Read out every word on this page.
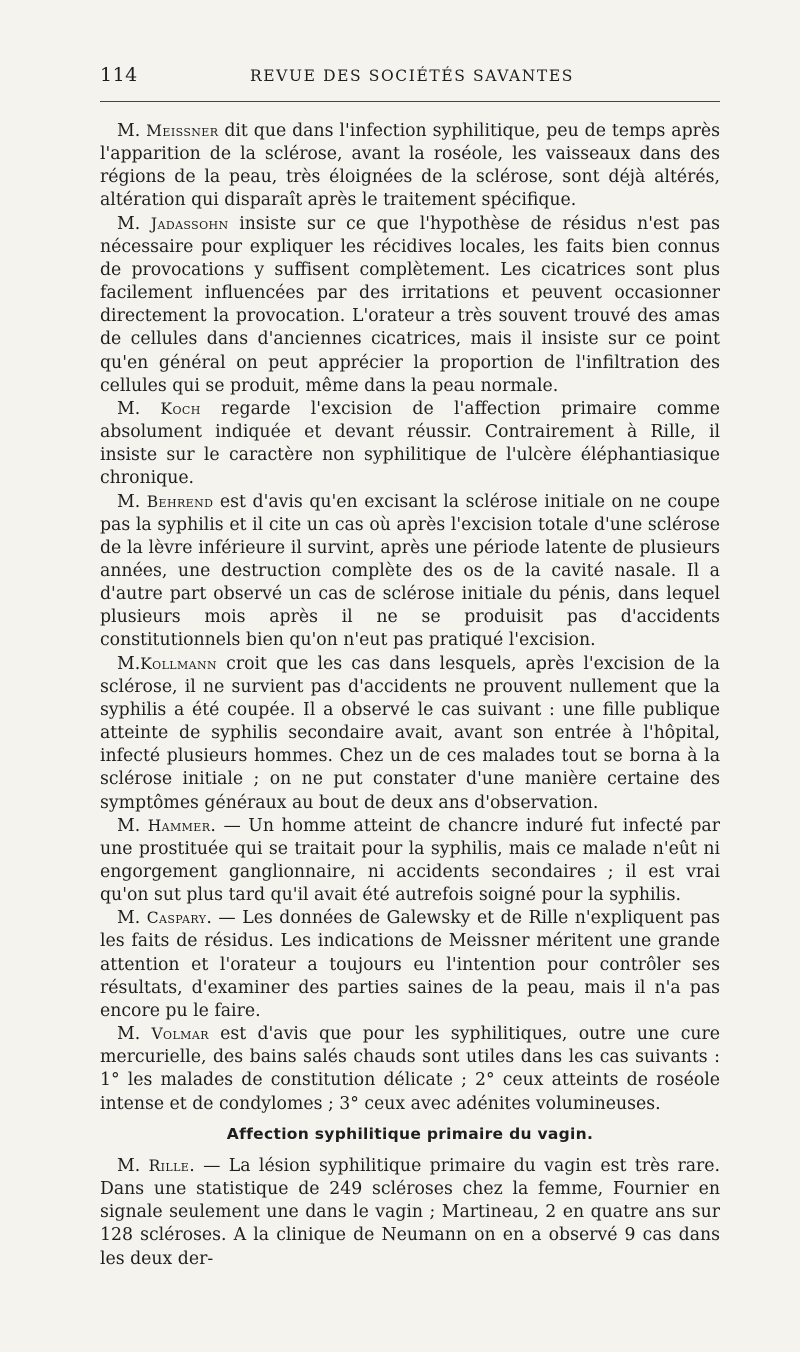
114	REVUE DES SOCIÉTÉS SAVANTES

M. Meissner dit que dans l'infection syphilitique, peu de temps après l'apparition de la sclérose, avant la roséole, les vaisseaux dans des régions de la peau, très éloignées de la sclérose, sont déjà altérés, altération qui disparaît après le traitement spécifique.

M. Jadassohn insiste sur ce que l'hypothèse de résidus n'est pas nécessaire pour expliquer les récidives locales, les faits bien connus de provocations y suffisent complètement. Les cicatrices sont plus facilement influencées par des irritations et peuvent occasionner directement la provocation. L'orateur a très souvent trouvé des amas de cellules dans d'anciennes cicatrices, mais il insiste sur ce point qu'en général on peut apprécier la proportion de l'infiltration des cellules qui se produit, même dans la peau normale.

M. Koch regarde l'excision de l'affection primaire comme absolument indiquée et devant réussir. Contrairement à Rille, il insiste sur le caractère non syphilitique de l'ulcère éléphantiasique chronique.

M. Behrend est d'avis qu'en excisant la sclérose initiale on ne coupe pas la syphilis et il cite un cas où après l'excision totale d'une sclérose de la lèvre inférieure il survint, après une période latente de plusieurs années, une destruction complète des os de la cavité nasale. Il a d'autre part observé un cas de sclérose initiale du pénis, dans lequel plusieurs mois après il ne se produisit pas d'accidents constitutionnels bien qu'on n'eut pas pratiqué l'excision.

M.Kollmann croit que les cas dans lesquels, après l'excision de la sclérose, il ne survient pas d'accidents ne prouvent nullement que la syphilis a été coupée. Il a observé le cas suivant : une fille publique atteinte de syphilis secondaire avait, avant son entrée à l'hôpital, infecté plusieurs hommes. Chez un de ces malades tout se borna à la sclérose initiale ; on ne put constater d'une manière certaine des symptômes généraux au bout de deux ans d'observation.

M. Hammer. — Un homme atteint de chancre induré fut infecté par une prostituée qui se traitait pour la syphilis, mais ce malade n'eût ni engorgement ganglionnaire, ni accidents secondaires ; il est vrai qu'on sut plus tard qu'il avait été autrefois soigné pour la syphilis.

M. Caspary. — Les données de Galewsky et de Rille n'expliquent pas les faits de résidus. Les indications de Meissner méritent une grande attention et l'orateur a toujours eu l'intention pour contrôler ses résultats, d'examiner des parties saines de la peau, mais il n'a pas encore pu le faire.

M. Volmar est d'avis que pour les syphilitiques, outre une cure mercurielle, des bains salés chauds sont utiles dans les cas suivants : 1° les malades de constitution délicate ; 2° ceux atteints de roséole intense et de condylomes ; 3° ceux avec adénites volumineuses.

Affection syphilitique primaire du vagin.

M. Rille. — La lésion syphilitique primaire du vagin est très rare. Dans une statistique de 249 scléroses chez la femme, Fournier en signale seulement une dans le vagin ; Martineau, 2 en quatre ans sur 128 scléroses. A la clinique de Neumann on en a observé 9 cas dans les deux der-
